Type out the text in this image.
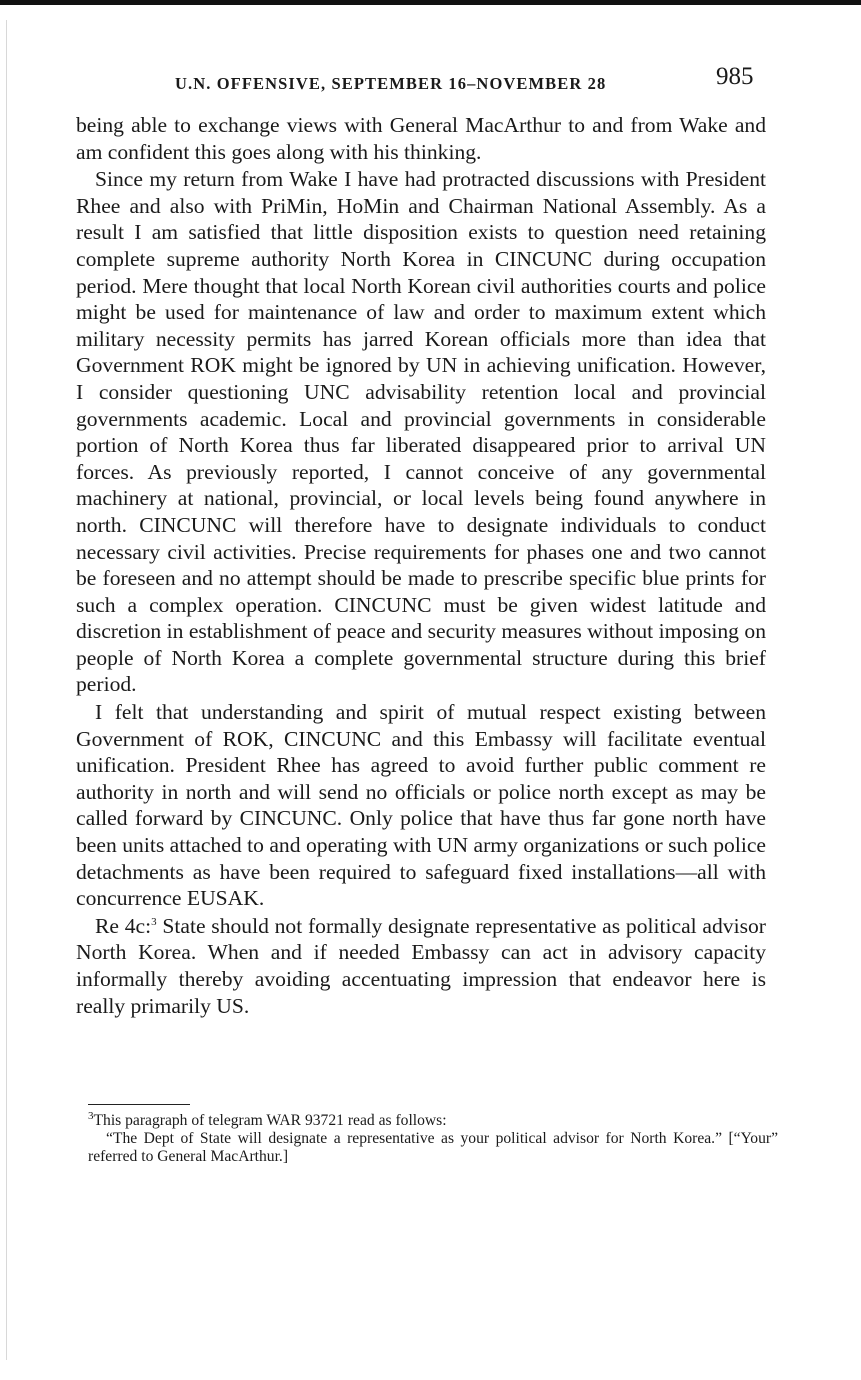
U.N. OFFENSIVE, SEPTEMBER 16–NOVEMBER 28	985

being able to exchange views with General MacArthur to and from Wake and am confident this goes along with his thinking.

Since my return from Wake I have had protracted discussions with President Rhee and also with PriMin, HoMin and Chairman National Assembly. As a result I am satisfied that little disposition exists to question need retaining complete supreme authority North Korea in CINCUNC during occupation period. Mere thought that local North Korean civil authorities courts and police might be used for maintenance of law and order to maximum extent which military necessity permits has jarred Korean officials more than idea that Government ROK might be ignored by UN in achieving unification. However, I consider questioning UNC advisability retention local and provincial governments academic. Local and provincial governments in considerable portion of North Korea thus far liberated disappeared prior to arrival UN forces. As previously reported, I cannot conceive of any governmental machinery at national, provincial, or local levels being found anywhere in north. CINCUNC will therefore have to designate individuals to conduct necessary civil activities. Precise requirements for phases one and two cannot be foreseen and no attempt should be made to prescribe specific blue prints for such a complex operation. CINCUNC must be given widest latitude and discretion in establishment of peace and security measures without imposing on people of North Korea a complete governmental structure during this brief period.

I felt that understanding and spirit of mutual respect existing between Government of ROK, CINCUNC and this Embassy will facilitate eventual unification. President Rhee has agreed to avoid further public comment re authority in north and will send no officials or police north except as may be called forward by CINCUNC. Only police that have thus far gone north have been units attached to and operating with UN army organizations or such police detachments as have been required to safeguard fixed installations—all with concurrence EUSAK.

Re 4c:$^3$ State should not formally designate representative as political advisor North Korea. When and if needed Embassy can act in advisory capacity informally thereby avoiding accentuating impression that endeavor here is really primarily US.

$^3$This paragraph of telegram WAR 93721 read as follows:

“The Dept of State will designate a representative as your political advisor for North Korea.” [“Your” referred to General MacArthur.]
